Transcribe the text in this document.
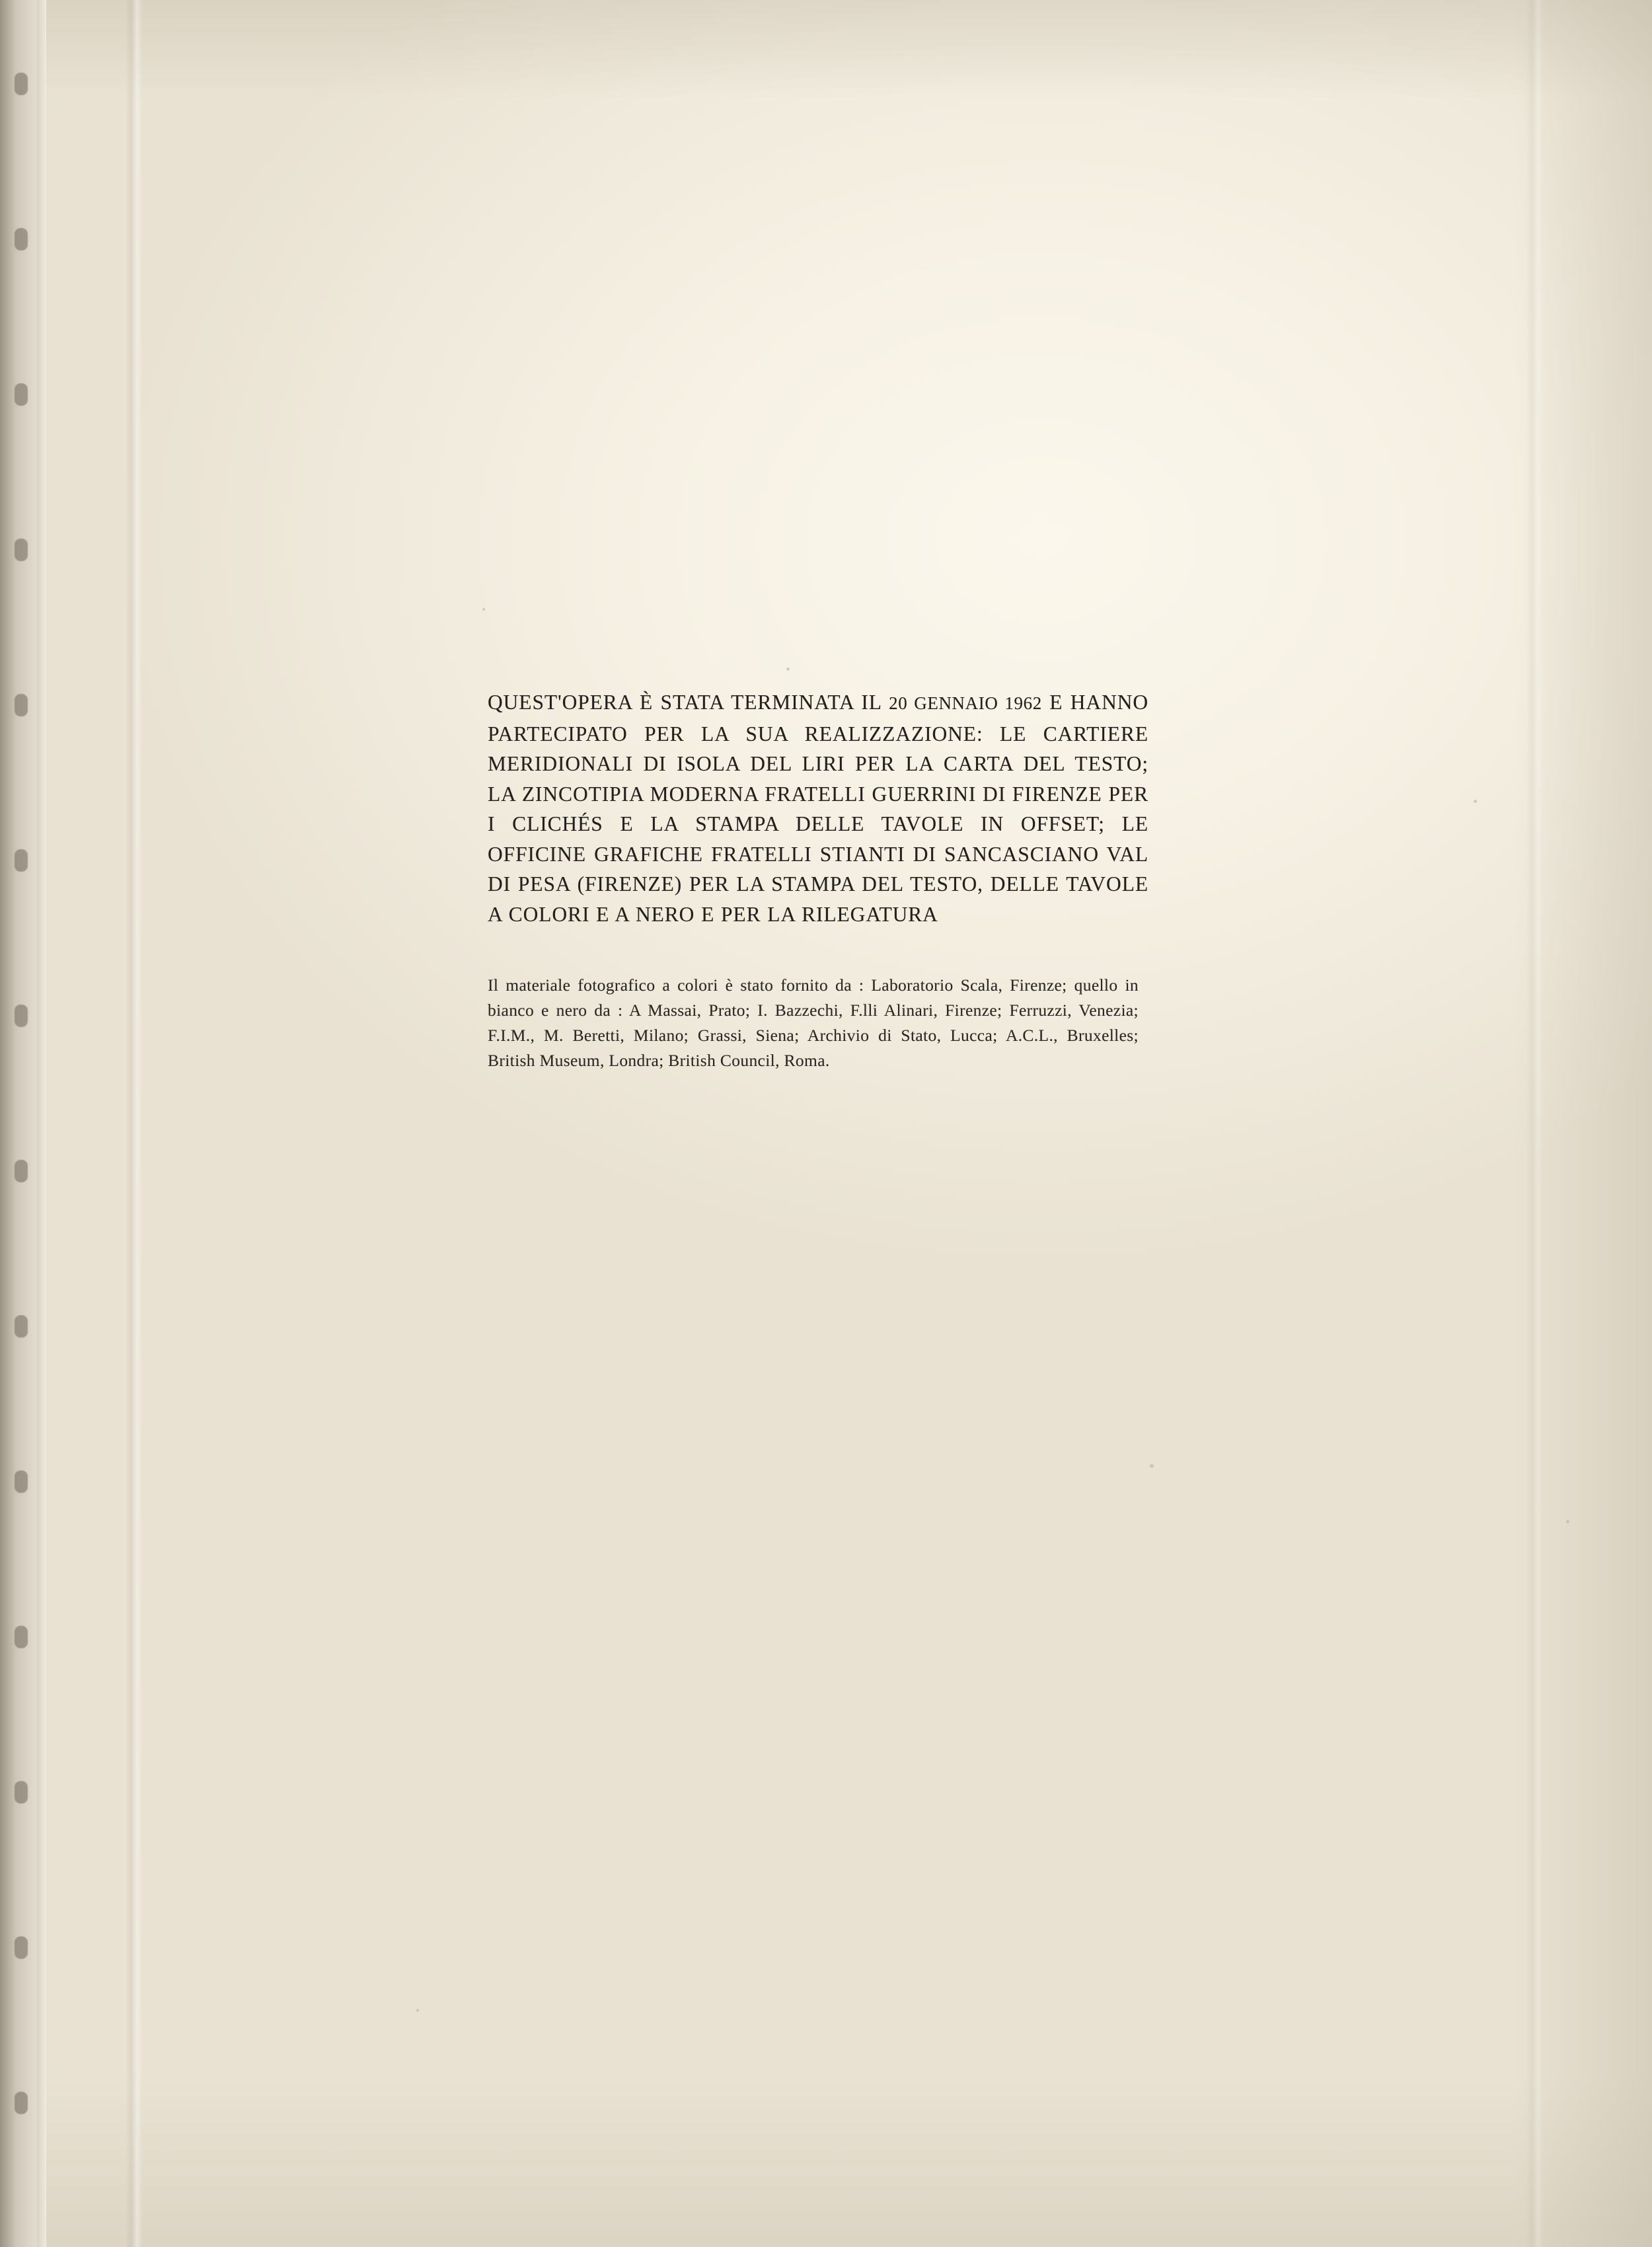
QUEST'OPERA È STATA TERMINATA IL 20 GENNAIO 1962 E HANNO PARTECIPATO PER LA SUA REALIZZAZIONE: LE CARTIERE MERIDIONALI DI ISOLA DEL LIRI PER LA CARTA DEL TESTO; LA ZINCOTIPIA MODERNA FRATELLI GUERRINI DI FIRENZE PER I CLICHÉS E LA STAMPA DELLE TAVOLE IN OFFSET; LE OFFICINE GRAFICHE FRATELLI STIANTI DI SANCASCIANO VAL DI PESA (FIRENZE) PER LA STAMPA DEL TESTO, DELLE TAVOLE A COLORI E A NERO E PER LA RILEGATURA

Il materiale fotografico a colori è stato fornito da : Laboratorio Scala, Firenze; quello in bianco e nero da : A Massai, Prato; I. Bazzechi, F.lli Alinari, Firenze; Ferruzzi, Venezia; F.I.M., M. Beretti, Milano; Grassi, Siena; Archivio di Stato, Lucca; A.C.L., Bruxelles; British Museum, Londra; British Council, Roma.
